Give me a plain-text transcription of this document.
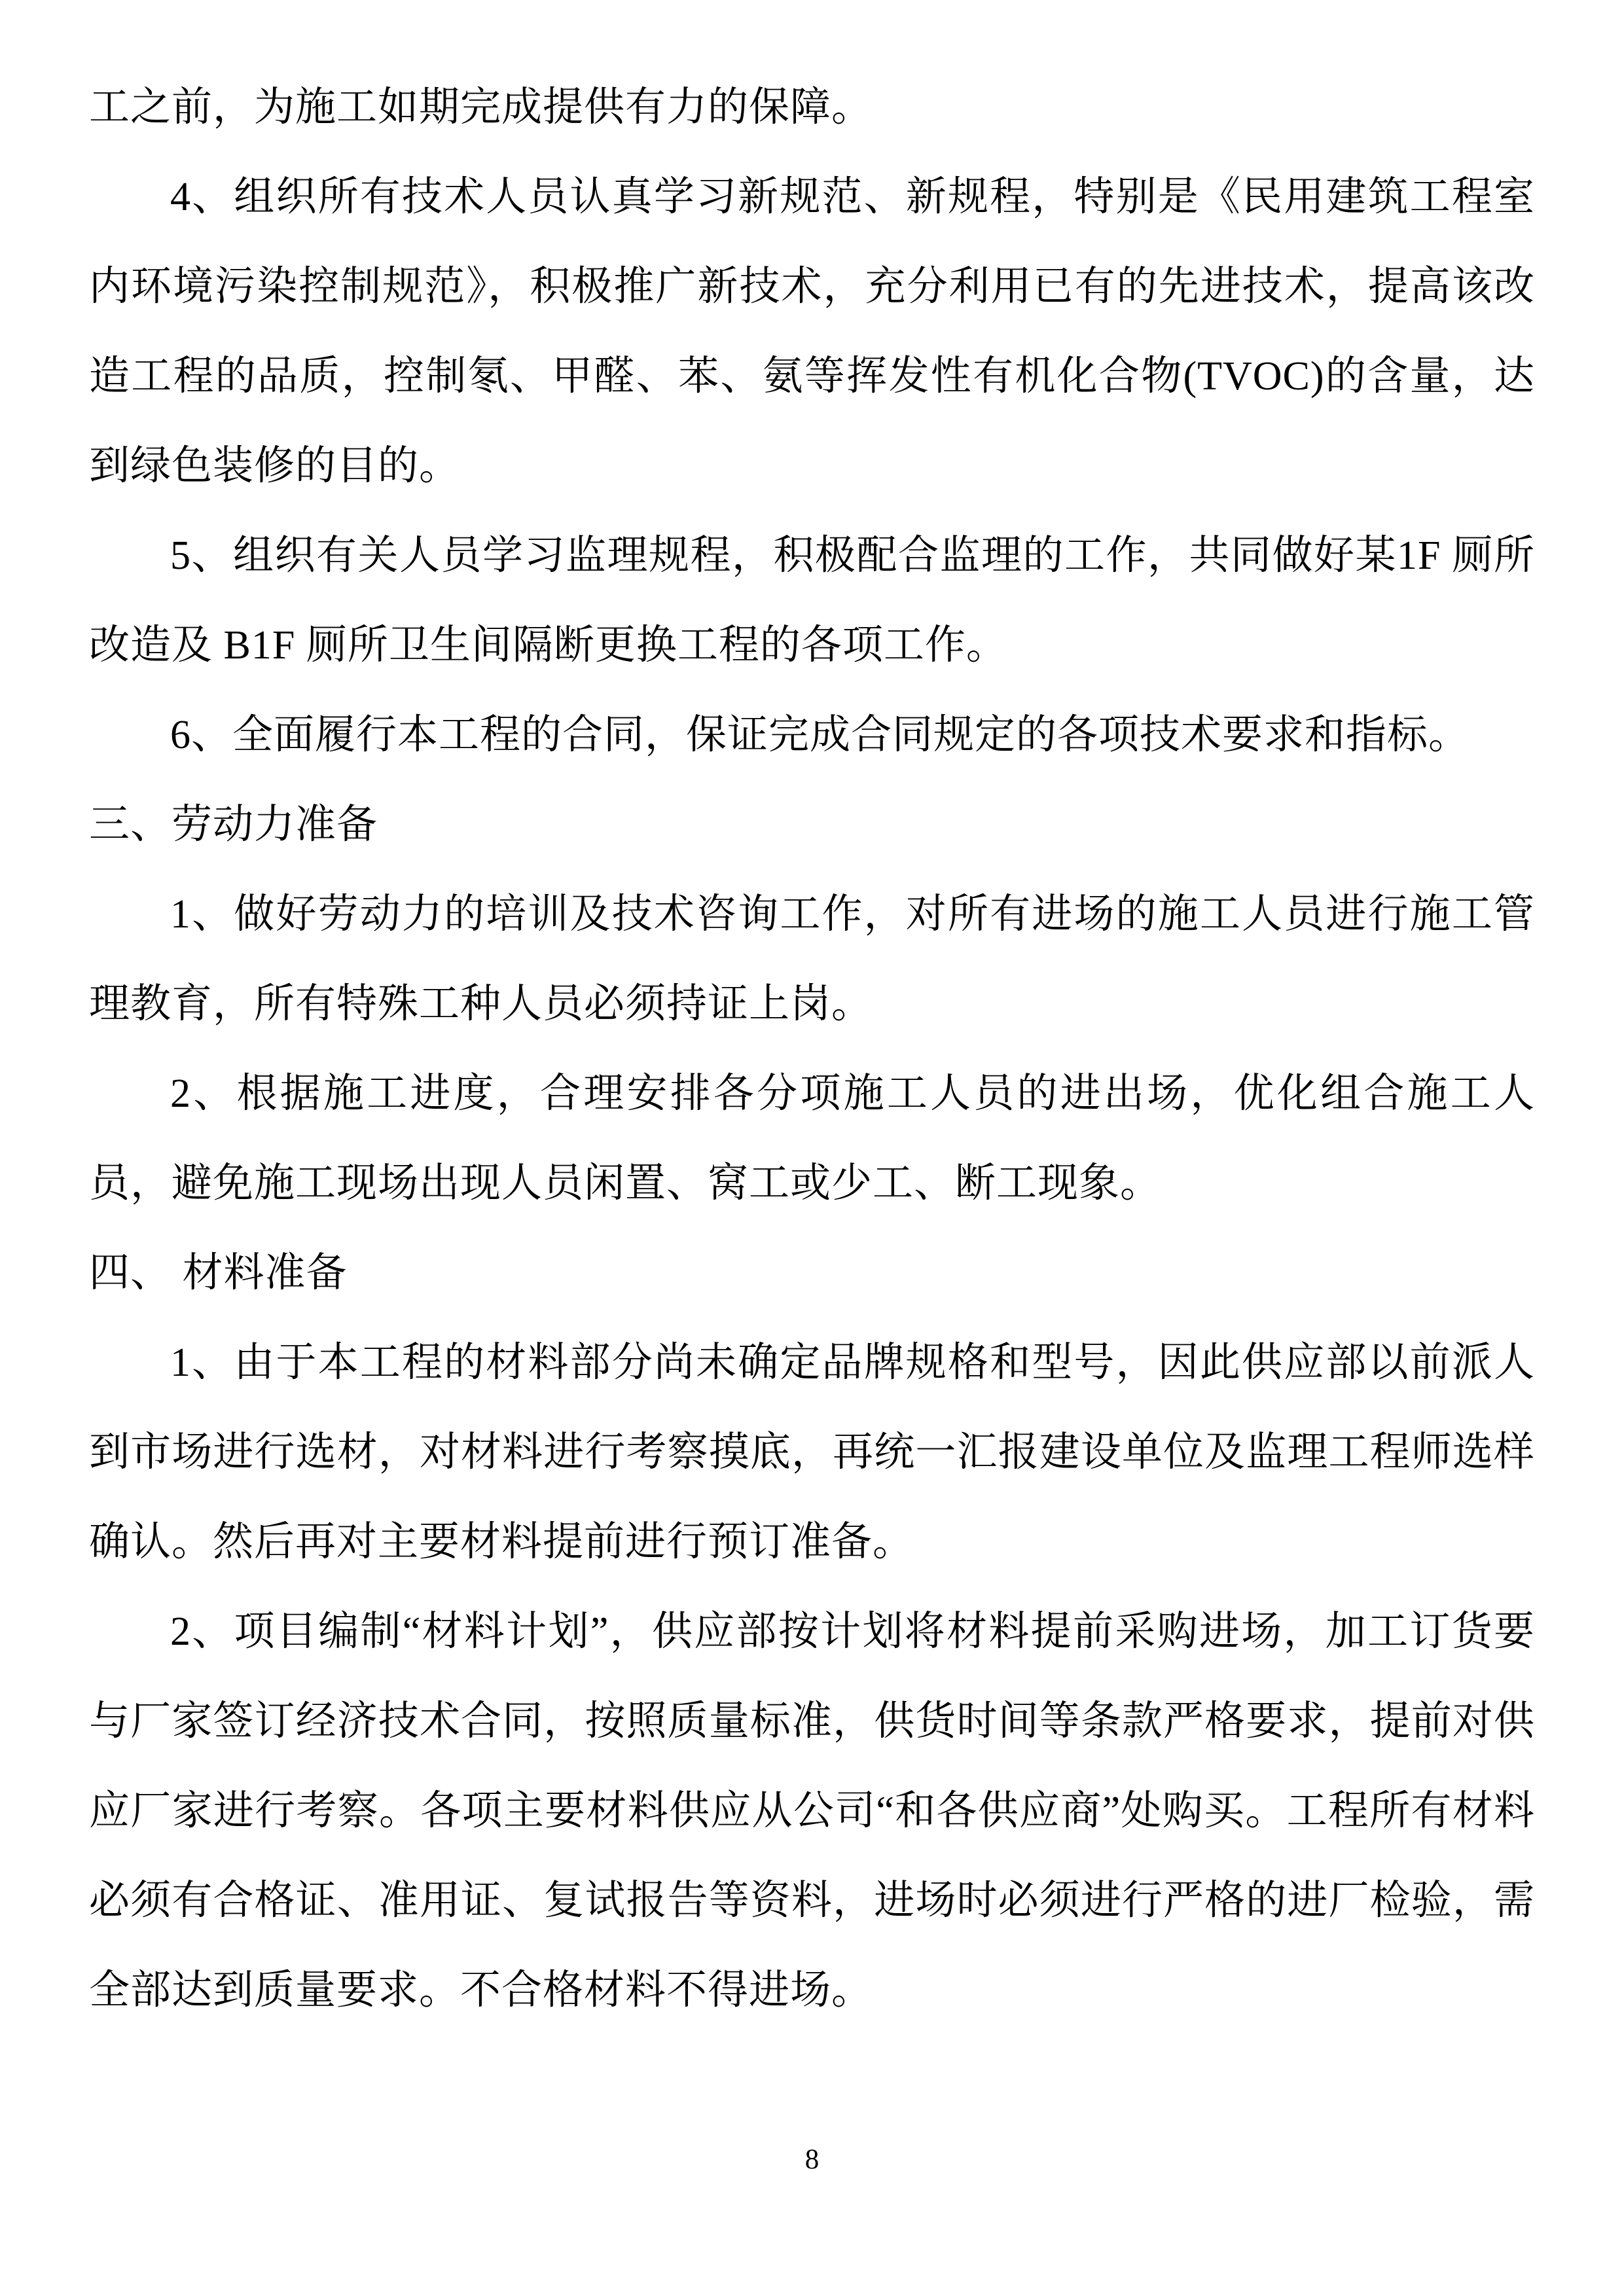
工之前，为施工如期完成提供有力的保障。

4、组织所有技术人员认真学习新规范、新规程，特别是《民用建筑工程室内环境污染控制规范》，积极推广新技术，充分利用已有的先进技术，提高该改造工程的品质，控制氡、甲醛、苯、氨等挥发性有机化合物(TVOC)的含量，达到绿色装修的目的。

5、组织有关人员学习监理规程，积极配合监理的工作，共同做好某1F 厕所改造及 B1F 厕所卫生间隔断更换工程的各项工作。

6、全面履行本工程的合同，保证完成合同规定的各项技术要求和指标。

三、劳动力准备

1、做好劳动力的培训及技术咨询工作，对所有进场的施工人员进行施工管理教育，所有特殊工种人员必须持证上岗。

2、根据施工进度，合理安排各分项施工人员的进出场，优化组合施工人员，避免施工现场出现人员闲置、窝工或少工、断工现象。

四、 材料准备

1、由于本工程的材料部分尚未确定品牌规格和型号，因此供应部以前派人到市场进行选材，对材料进行考察摸底，再统一汇报建设单位及监理工程师选样确认。然后再对主要材料提前进行预订准备。

2、项目编制“材料计划”，供应部按计划将材料提前采购进场，加工订货要与厂家签订经济技术合同，按照质量标准，供货时间等条款严格要求，提前对供应厂家进行考察。各项主要材料供应从公司“和各供应商”处购买。工程所有材料必须有合格证、准用证、复试报告等资料，进场时必须进行严格的进厂检验，需全部达到质量要求。不合格材料不得进场。

8
